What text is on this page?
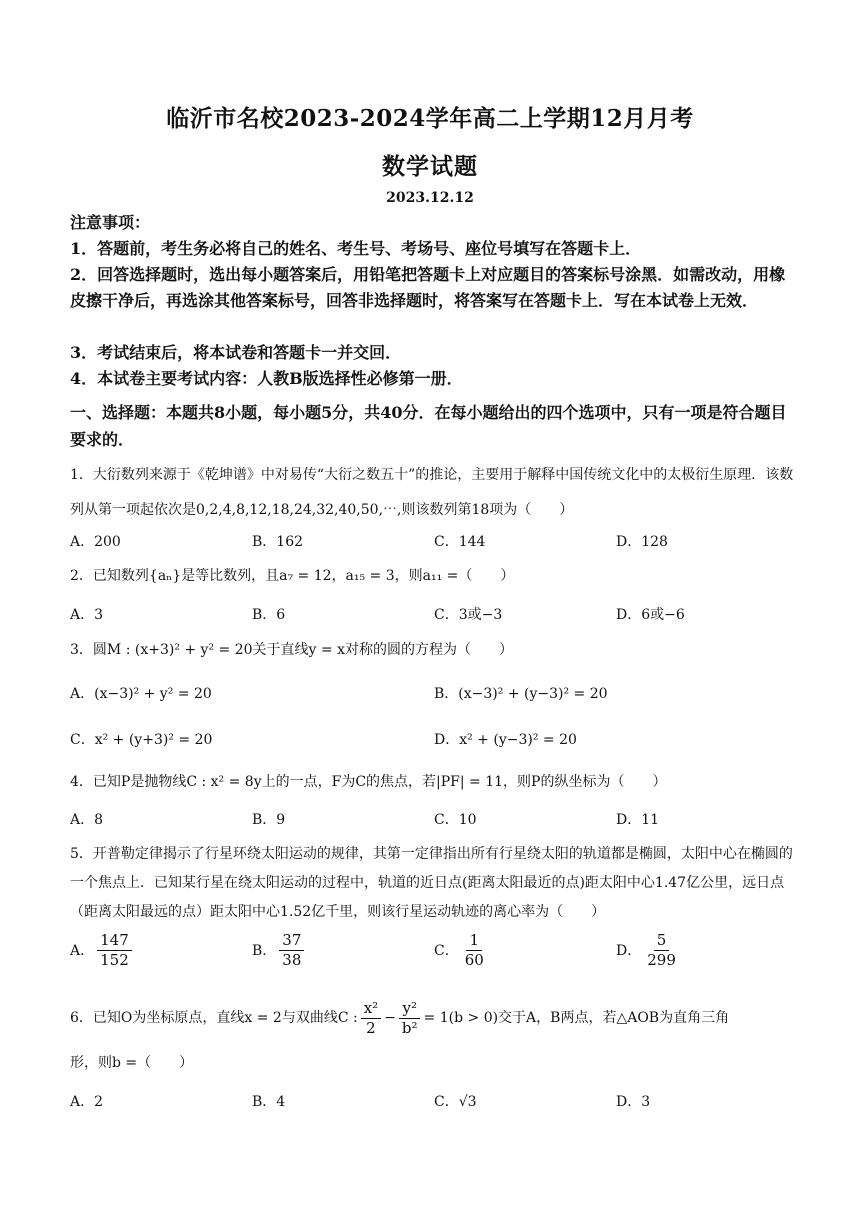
临沂市名校2023-2024学年高二上学期12月月考
数学试题
2023.12.12
注意事项：
1．答题前，考生务必将自己的姓名、考生号、考场号、座位号填写在答题卡上．
2．回答选择题时，选出每小题答案后，用铅笔把答题卡上对应题目的答案标号涂黑．如需改动，用橡皮擦干净后，再选涂其他答案标号，回答非选择题时，将答案写在答题卡上．写在本试卷上无效．
3．考试结束后，将本试卷和答题卡一并交回．
4．本试卷主要考试内容：人教B版选择性必修第一册．
一、选择题：本题共8小题，每小题5分，共40分．在每小题给出的四个选项中，只有一项是符合题目要求的．
1．大衍数列来源于《乾坤谱》中对易传“大衍之数五十”的推论，主要用于解释中国传统文化中的太极衍生原理．该数列从第一项起依次是0,2,4,8,12,18,24,32,40,50,⋯,则该数列第18项为（　　）
A．200	B．162	C．144	D．128
2．已知数列{aₙ}是等比数列，且a₇ = 12，a₁₅ = 3，则a₁₁ =（　　）
A．3	B．6	C．3或−3	D．6或−6
3．圆M : (x+3)² + y² = 20关于直线y = x对称的圆的方程为（　　）
A．(x−3)² + y² = 20	B．(x−3)² + (y−3)² = 20
C．x² + (y+3)² = 20	D．x² + (y−3)² = 20
4．已知P是抛物线C : x² = 8y上的一点，F为C的焦点，若|PF| = 11，则P的纵坐标为（　　）
A．8	B．9	C．10	D．11
5．开普勒定律揭示了行星环绕太阳运动的规律，其第一定律指出所有行星绕太阳的轨道都是椭圆，太阳中心在椭圆的一个焦点上．已知某行星在绕太阳运动的过程中，轨道的近日点(距离太阳最近的点)距太阳中心1.47亿公里，远日点（距离太阳最远的点）距太阳中心1.52亿千里，则该行星运动轨迹的离心率为（　　）
A． $\frac{147}{152}$	B． $\frac{37}{38}$	C． $\frac{1}{60}$	D． $\frac{5}{299}$
6．已知O为坐标原点，直线x = 2与双曲线C : $\frac{\text{x²}}{2} - \frac{\text{y²}}{\text{b²}} = 1(b > 0)$交于A，B两点，若△AOB为直角三角
形，则b =（　　）
A．2	B．4	C．√3	D．3
